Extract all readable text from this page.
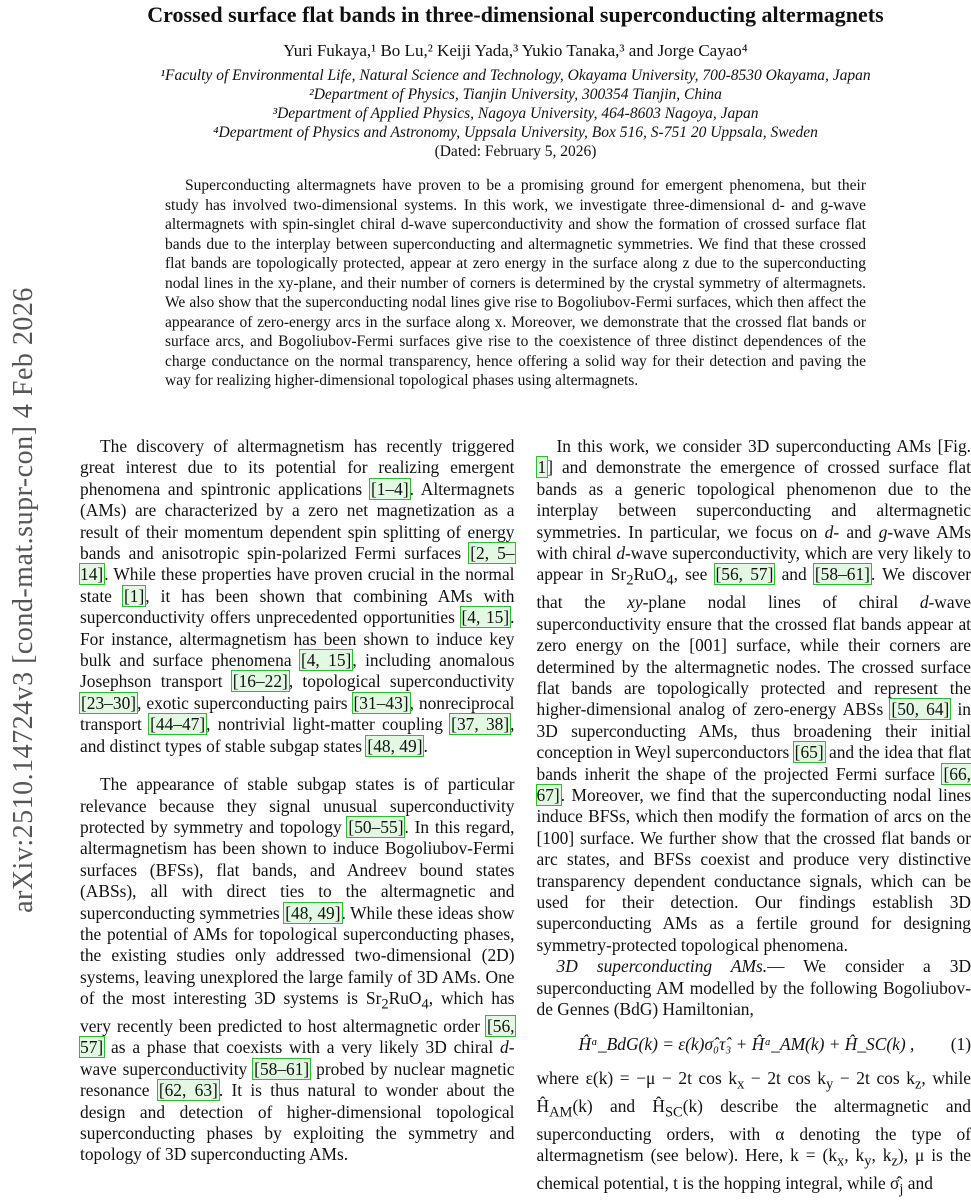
arXiv:2510.14724v3 [cond-mat.supr-con] 4 Feb 2026
Crossed surface flat bands in three-dimensional superconducting altermagnets
Yuri Fukaya,¹ Bo Lu,² Keiji Yada,³ Yukio Tanaka,³ and Jorge Cayao⁴
¹Faculty of Environmental Life, Natural Science and Technology, Okayama University, 700-8530 Okayama, Japan
²Department of Physics, Tianjin University, 300354 Tianjin, China
³Department of Applied Physics, Nagoya University, 464-8603 Nagoya, Japan
⁴Department of Physics and Astronomy, Uppsala University, Box 516, S-751 20 Uppsala, Sweden
(Dated: February 5, 2026)
Superconducting altermagnets have proven to be a promising ground for emergent phenomena, but their study has involved two-dimensional systems. In this work, we investigate three-dimensional d- and g-wave altermagnets with spin-singlet chiral d-wave superconductivity and show the formation of crossed surface flat bands due to the interplay between superconducting and altermagnetic symmetries. We find that these crossed flat bands are topologically protected, appear at zero energy in the surface along z due to the superconducting nodal lines in the xy-plane, and their number of corners is determined by the crystal symmetry of altermagnets. We also show that the superconducting nodal lines give rise to Bogoliubov-Fermi surfaces, which then affect the appearance of zero-energy arcs in the surface along x. Moreover, we demonstrate that the crossed flat bands or surface arcs, and Bogoliubov-Fermi surfaces give rise to the coexistence of three distinct dependences of the charge conductance on the normal transparency, hence offering a solid way for their detection and paving the way for realizing higher-dimensional topological phases using altermagnets.

The discovery of altermagnetism has recently triggered great interest due to its potential for realizing emergent phenomena and spintronic applications [1–4]. Altermagnets (AMs) are characterized by a zero net magnetization as a result of their momentum dependent spin splitting of energy bands and anisotropic spin-polarized Fermi surfaces [2, 5–14]. While these properties have proven crucial in the normal state [1], it has been shown that combining AMs with superconductivity offers unprecedented opportunities [4, 15]. For instance, altermagnetism has been shown to induce key bulk and surface phenomena [4, 15], including anomalous Josephson transport [16–22], topological superconductivity [23–30], exotic superconducting pairs [31–43], nonreciprocal transport [44–47], nontrivial light-matter coupling [37, 38], and distinct types of stable subgap states [48, 49].

The appearance of stable subgap states is of particular relevance because they signal unusual superconductivity protected by symmetry and topology [50–55]. In this regard, altermagnetism has been shown to induce Bogoliubov-Fermi surfaces (BFSs), flat bands, and Andreev bound states (ABSs), all with direct ties to the altermagnetic and superconducting symmetries [48, 49]. While these ideas show the potential of AMs for topological superconducting phases, the existing studies only addressed two-dimensional (2D) systems, leaving unexplored the large family of 3D AMs. One of the most interesting 3D systems is $Sr_2RuO_4$, which has very recently been predicted to host altermagnetic order [56, 57] as a phase that coexists with a very likely 3D chiral d-wave superconductivity [58–61] probed by nuclear magnetic resonance [62, 63]. It is thus natural to wonder about the design and detection of higher-dimensional topological superconducting phases by exploiting the symmetry and topology of 3D superconducting AMs.

In this work, we consider 3D superconducting AMs [Fig. 1] and demonstrate the emergence of crossed surface flat bands as a generic topological phenomenon due to the interplay between superconducting and altermagnetic symmetries. In particular, we focus on d- and g-wave AMs with chiral d-wave superconductivity, which are very likely to appear in $Sr_2RuO_4$, see [56, 57] and [58–61]. We discover that the xy-plane nodal lines of chiral d-wave superconductivity ensure that the crossed flat bands appear at zero energy on the [001] surface, while their corners are determined by the altermagnetic nodes. The crossed surface flat bands are topologically protected and represent the higher-dimensional analog of zero-energy ABSs [50, 64] in 3D superconducting AMs, thus broadening their initial conception in Weyl superconductors [65] and the idea that flat bands inherit the shape of the projected Fermi surface [66, 67]. Moreover, we find that the superconducting nodal lines induce BFSs, which then modify the formation of arcs on the [100] surface. We further show that the crossed flat bands or arc states, and BFSs coexist and produce very distinctive transparency dependent conductance signals, which can be used for their detection. Our findings establish 3D superconducting AMs as a fertile ground for designing symmetry-protected topological phenomena.

3D superconducting AMs.— We consider a 3D superconducting AM modelled by the following Bogoliubov-de Gennes (BdG) Hamiltonian,

Ĥᵅ_BdG(k) = ε(k)σ̂₀τ̂₃ + Ĥᵅ_AM(k) + Ĥ_SC(k) , (1)

where ε(k) = −μ − 2t $\cos k_x - 2t$ $\cos k_y - 2t$ $\cos k_z$, while $Ĥ_{AM}(k)$ and $Ĥ_{SC}(k)$ describe the altermagnetic and superconducting orders, with α denoting the type of altermagnetism (see below). Here, $k = (k_x$, $k_y$, $k_z$), μ is the chemical potential, t is the hopping integral, while $\sigmâ_j$ and
